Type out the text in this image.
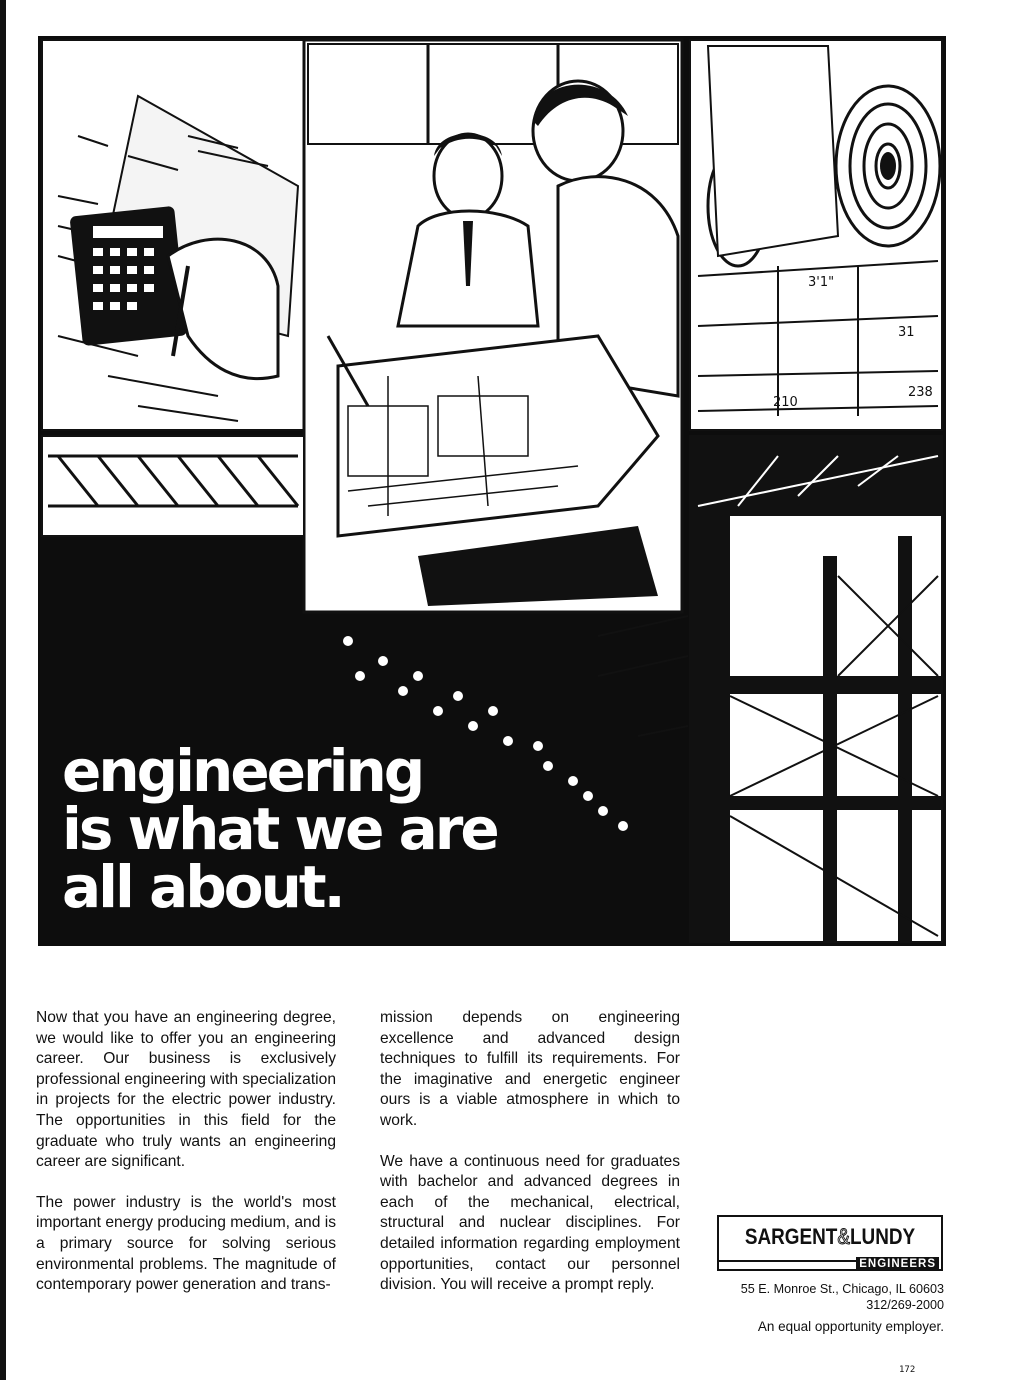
3'1"
31
238
210
engineering
is what we are
all about.

Now that you have an engineering degree, we would like to offer you an engineering career. Our business is exclusively professional engineering with specialization in projects for the electric power industry. The opportunities in this field for the graduate who truly wants an engineering career are significant.

The power industry is the world's most important energy producing medium, and is a primary source for solving serious environmental problems. The magnitude of contemporary power generation and trans-

mission depends on engineering excellence and advanced design techniques to fulfill its requirements. For the imaginative and energetic engineer ours is a viable atmosphere in which to work.

We have a continuous need for graduates with bachelor and advanced degrees in each of the mechanical, electrical, structural and nuclear disciplines. For detailed information regarding employment opportunities, contact our personnel division. You will receive a prompt reply.

SARGENT&LUNDY
ENGINEERS
55 E. Monroe St., Chicago, IL 60603
312/269-2000
An equal opportunity employer.
172
